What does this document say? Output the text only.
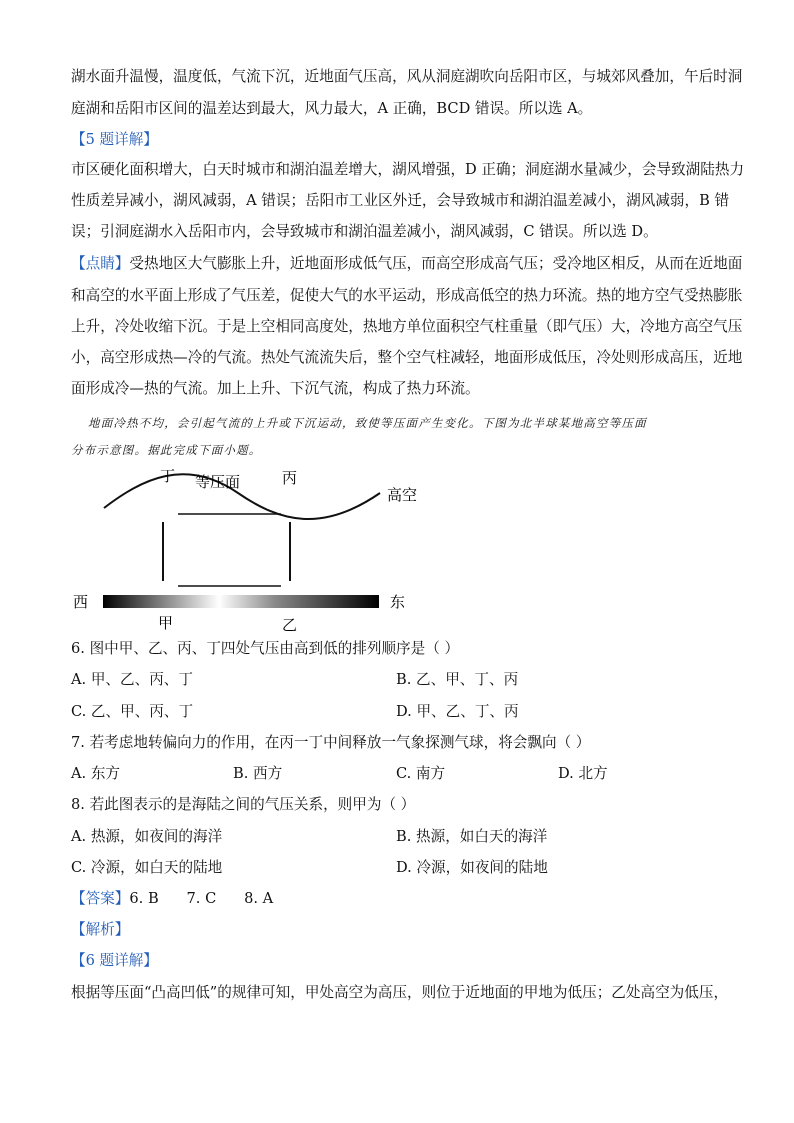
湖水面升温慢，温度低，气流下沉，近地面气压高，风从洞庭湖吹向岳阳市区，与城郊风叠加，午后时洞
庭湖和岳阳市区间的温差达到最大，风力最大，A 正确，BCD 错误。所以选 A。
【5 题详解】
市区硬化面积增大，白天时城市和湖泊温差增大，湖风增强，D 正确；洞庭湖水量减少，会导致湖陆热力
性质差异减小，湖风减弱，A 错误；岳阳市工业区外迁，会导致城市和湖泊温差减小，湖风减弱，B 错
误；引洞庭湖水入岳阳市内，会导致城市和湖泊温差减小，湖风减弱，C 错误。所以选 D。
【点睛】受热地区大气膨胀上升，近地面形成低气压，而高空形成高气压；受冷地区相反，从而在近地面
和高空的水平面上形成了气压差，促使大气的水平运动，形成高低空的热力环流。热的地方空气受热膨胀
上升，冷处收缩下沉。于是上空相同高度处，热地方单位面积空气柱重量（即气压）大，冷地方高空气压
小，高空形成热—冷的气流。热处气流流失后，整个空气柱减轻，地面形成低压，冷处则形成高压，近地
面形成冷—热的气流。加上上升、下沉气流，构成了热力环流。
地面冷热不均，会引起气流的上升或下沉运动，致使等压面产生变化。下图为北半球某地高空等压面
分布示意图。据此完成下面小题。
丁 等压面	丙
高空
西	东
甲	乙
6. 图中甲、乙、丙、丁四处气压由高到低的排列顺序是（ ）
A. 甲、乙、丙、丁	B. 乙、甲、丁、丙
C. 乙、甲、丙、丁	D. 甲、乙、丁、丙
7. 若考虑地转偏向力的作用，在丙一丁中间释放一气象探测气球，将会飘向（ ）
A. 东方	B. 西方	C. 南方	D. 北方
8. 若此图表示的是海陆之间的气压关系，则甲为（ ）
A. 热源，如夜间的海洋	B. 热源，如白天的海洋
C. 冷源，如白天的陆地	D. 冷源，如夜间的陆地
【答案】6. B      7. C      8. A
【解析】
【6 题详解】
根据等压面“凸高凹低”的规律可知，甲处高空为高压，则位于近地面的甲地为低压；乙处高空为低压，
